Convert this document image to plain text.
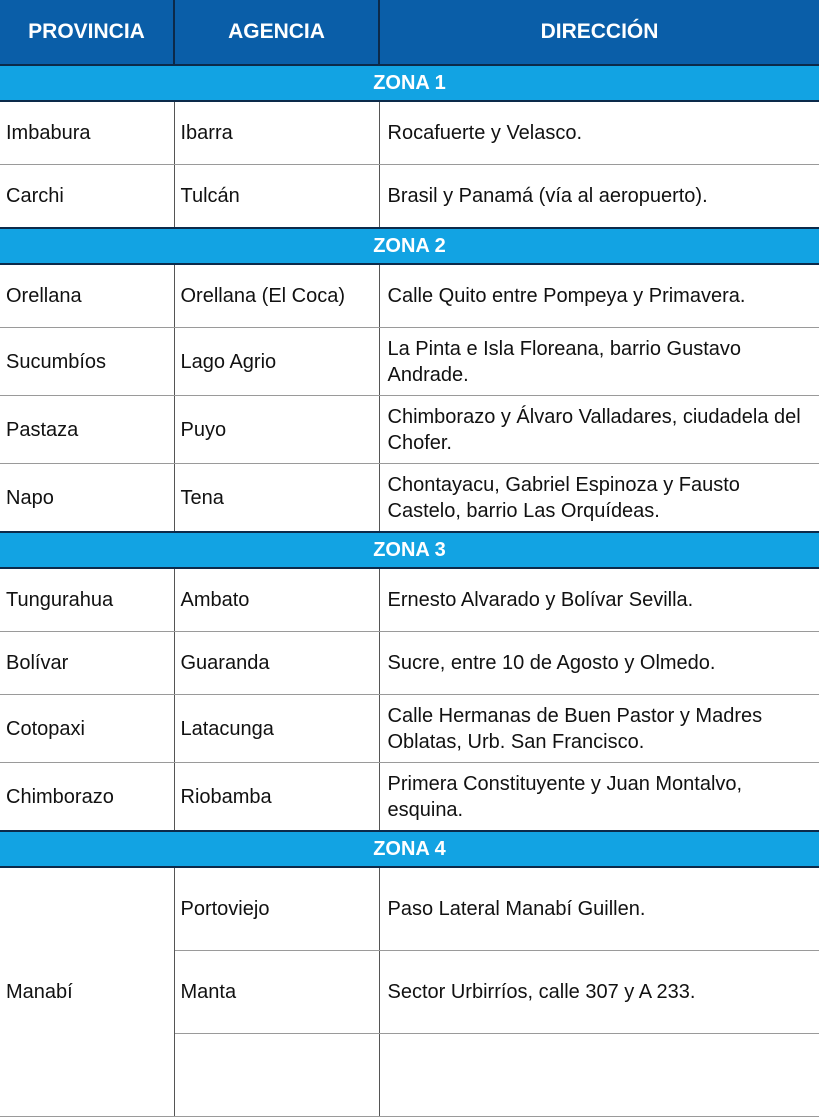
PROVINCIA	AGENCIA	DIRECCIÓN
ZONA 1		
Imbabura	Ibarra	Rocafuerte y Velasco.
Carchi	Tulcán	Brasil y Panamá (vía al aeropuerto).
ZONA 2		
Orellana	Orellana (El Coca)	Calle Quito entre Pompeya y Primavera.
Sucumbíos	Lago Agrio	La Pinta e Isla Floreana, barrio Gustavo Andrade.
Pastaza	Puyo	Chimborazo y Álvaro Valladares, ciudadela del Chofer.
Napo	Tena	Chontayacu, Gabriel Espinoza y Fausto Castelo, barrio Las Orquídeas.
ZONA 3		
Tungurahua	Ambato	Ernesto Alvarado y Bolívar Sevilla.
Bolívar	Guaranda	Sucre, entre 10 de Agosto y Olmedo.
Cotopaxi	Latacunga	Calle Hermanas de Buen Pastor y Madres Oblatas, Urb. San Francisco.
Chimborazo	Riobamba	Primera Constituyente y Juan Montalvo, esquina.
ZONA 4		
Manabí	Portoviejo	Paso Lateral Manabí Guillen.
	Manta	Sector Urbirríos, calle 307 y A 233.
